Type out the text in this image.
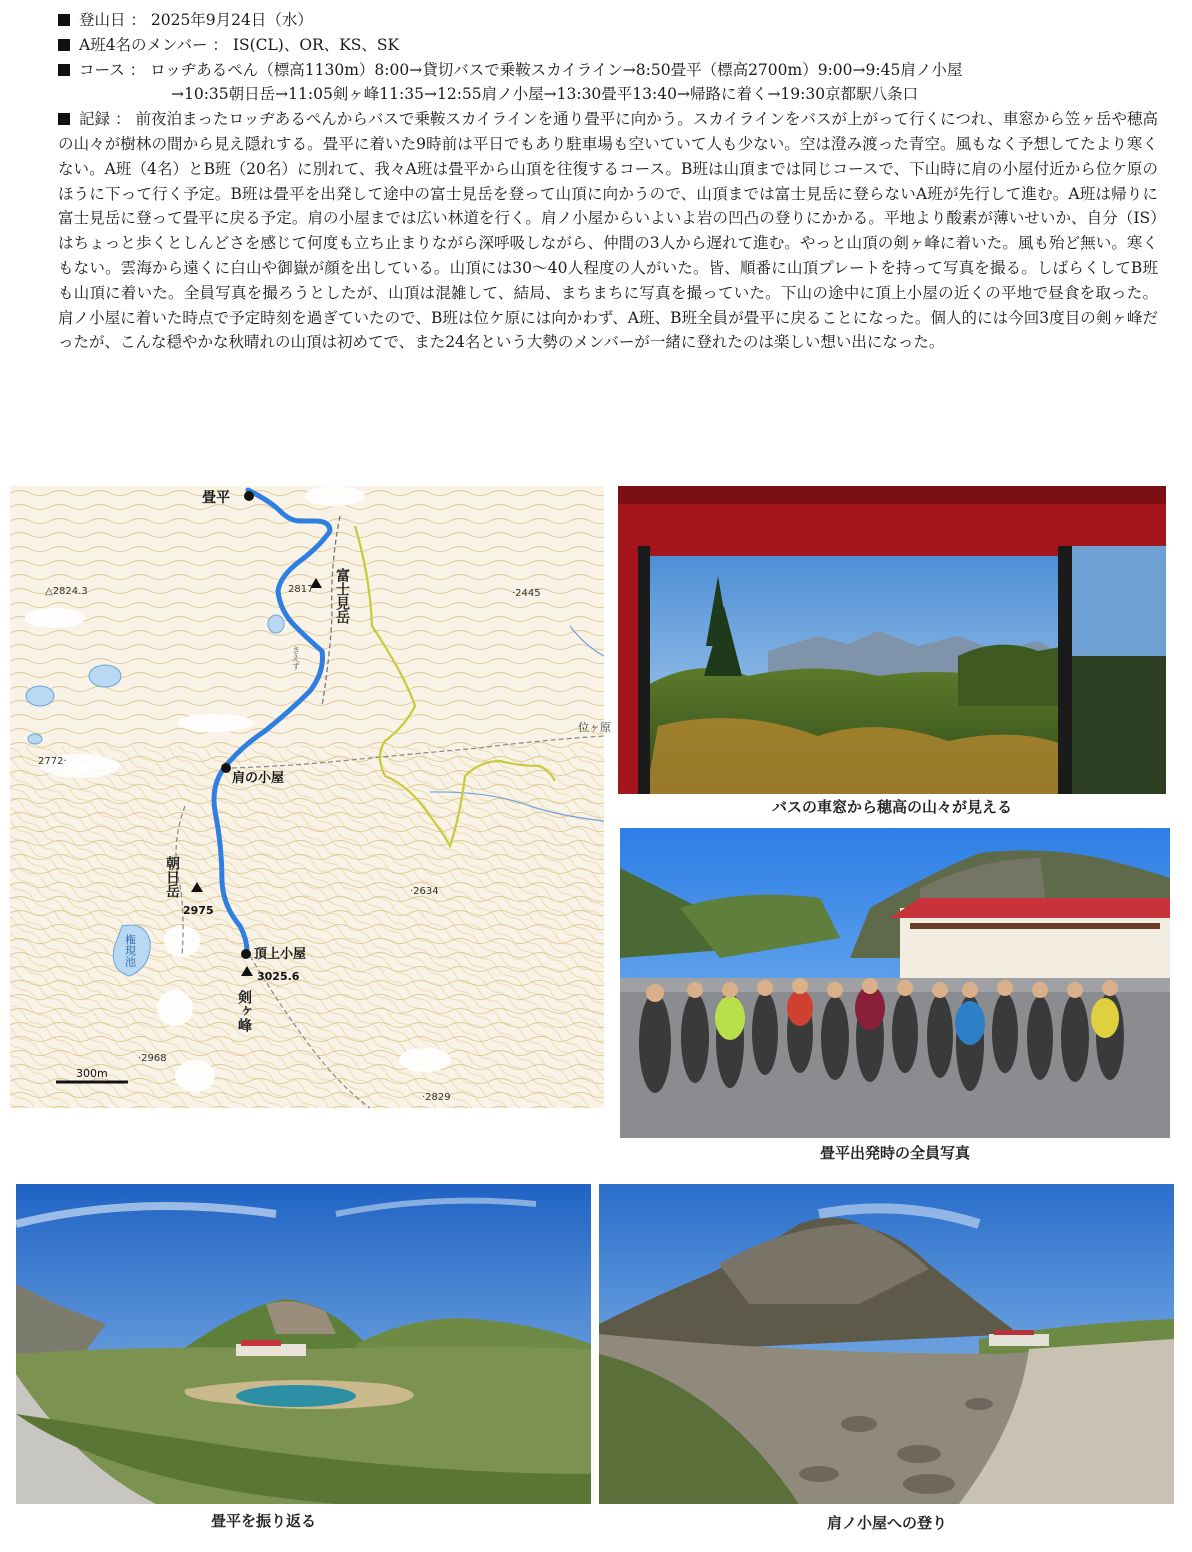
登山日 ： 2025年9月24日（水）

A班4名のメンバー ： IS(CL)、OR、KS、SK

コース ： ロッヂあるぺん（標高1130m）8:00→貸切バスで乗鞍スカイライン→8:50畳平（標高2700m）9:00→9:45肩ノ小屋

→10:35朝日岳→11:05剣ヶ峰11:35→12:55肩ノ小屋→13:30畳平13:40→帰路に着く→19:30京都駅八条口

記録 ： 前夜泊まったロッヂあるぺんからバスで乗鞍スカイラインを通り畳平に向かう。スカイラインをバスが上がって行くにつれ、車窓から笠ヶ岳や穂高の山々が樹林の間から見え隠れする。畳平に着いた9時前は平日でもあり駐車場も空いていて人も少ない。空は澄み渡った青空。風もなく予想してたより寒くない。A班（4名）とB班（20名）に別れて、我々A班は畳平から山頂を往復するコース。B班は山頂までは同じコースで、下山時に肩の小屋付近から位ケ原のほうに下って行く予定。B班は畳平を出発して途中の富士見岳を登って山頂に向かうので、山頂までは富士見岳に登らないA班が先行して進む。A班は帰りに富士見岳に登って畳平に戻る予定。肩の小屋までは広い林道を行く。肩ノ小屋からいよいよ岩の凹凸の登りにかかる。平地より酸素が薄いせいか、自分（IS）はちょっと歩くとしんどさを感じて何度も立ち止まりながら深呼吸しながら、仲間の3人から遅れて進む。やっと山頂の剣ヶ峰に着いた。風も殆ど無い。寒くもない。雲海から遠くに白山や御嶽が顔を出している。山頂には30～40人程度の人がいた。皆、順番に山頂プレートを持って写真を撮る。しばらくしてB班も山頂に着いた。全員写真を撮ろうとしたが、山頂は混雑して、結局、まちまちに写真を撮っていた。下山の途中に頂上小屋の近くの平地で昼食を取った。肩ノ小屋に着いた時点で予定時刻を過ぎていたので、B班は位ケ原には向かわず、A班、B班全員が畳平に戻ることになった。個人的には今回3度目の剣ヶ峰だったが、こんな穏やかな秋晴れの山頂は初めてで、また24名という大勢のメンバーが一緒に登れたのは楽しい想い出になった。

畳平
富士見岳
肩の小屋
朝日岳
頂上小屋
剣ヶ峰
権現池
位ヶ原
きえず
2817
△2824.3	·2445
2772·
2975
3025.6
·2634
·2968
·2829
300m
バスの車窓から穂高の山々が見える
畳平出発時の全員写真
畳平を振り返る	肩ノ小屋への登り
